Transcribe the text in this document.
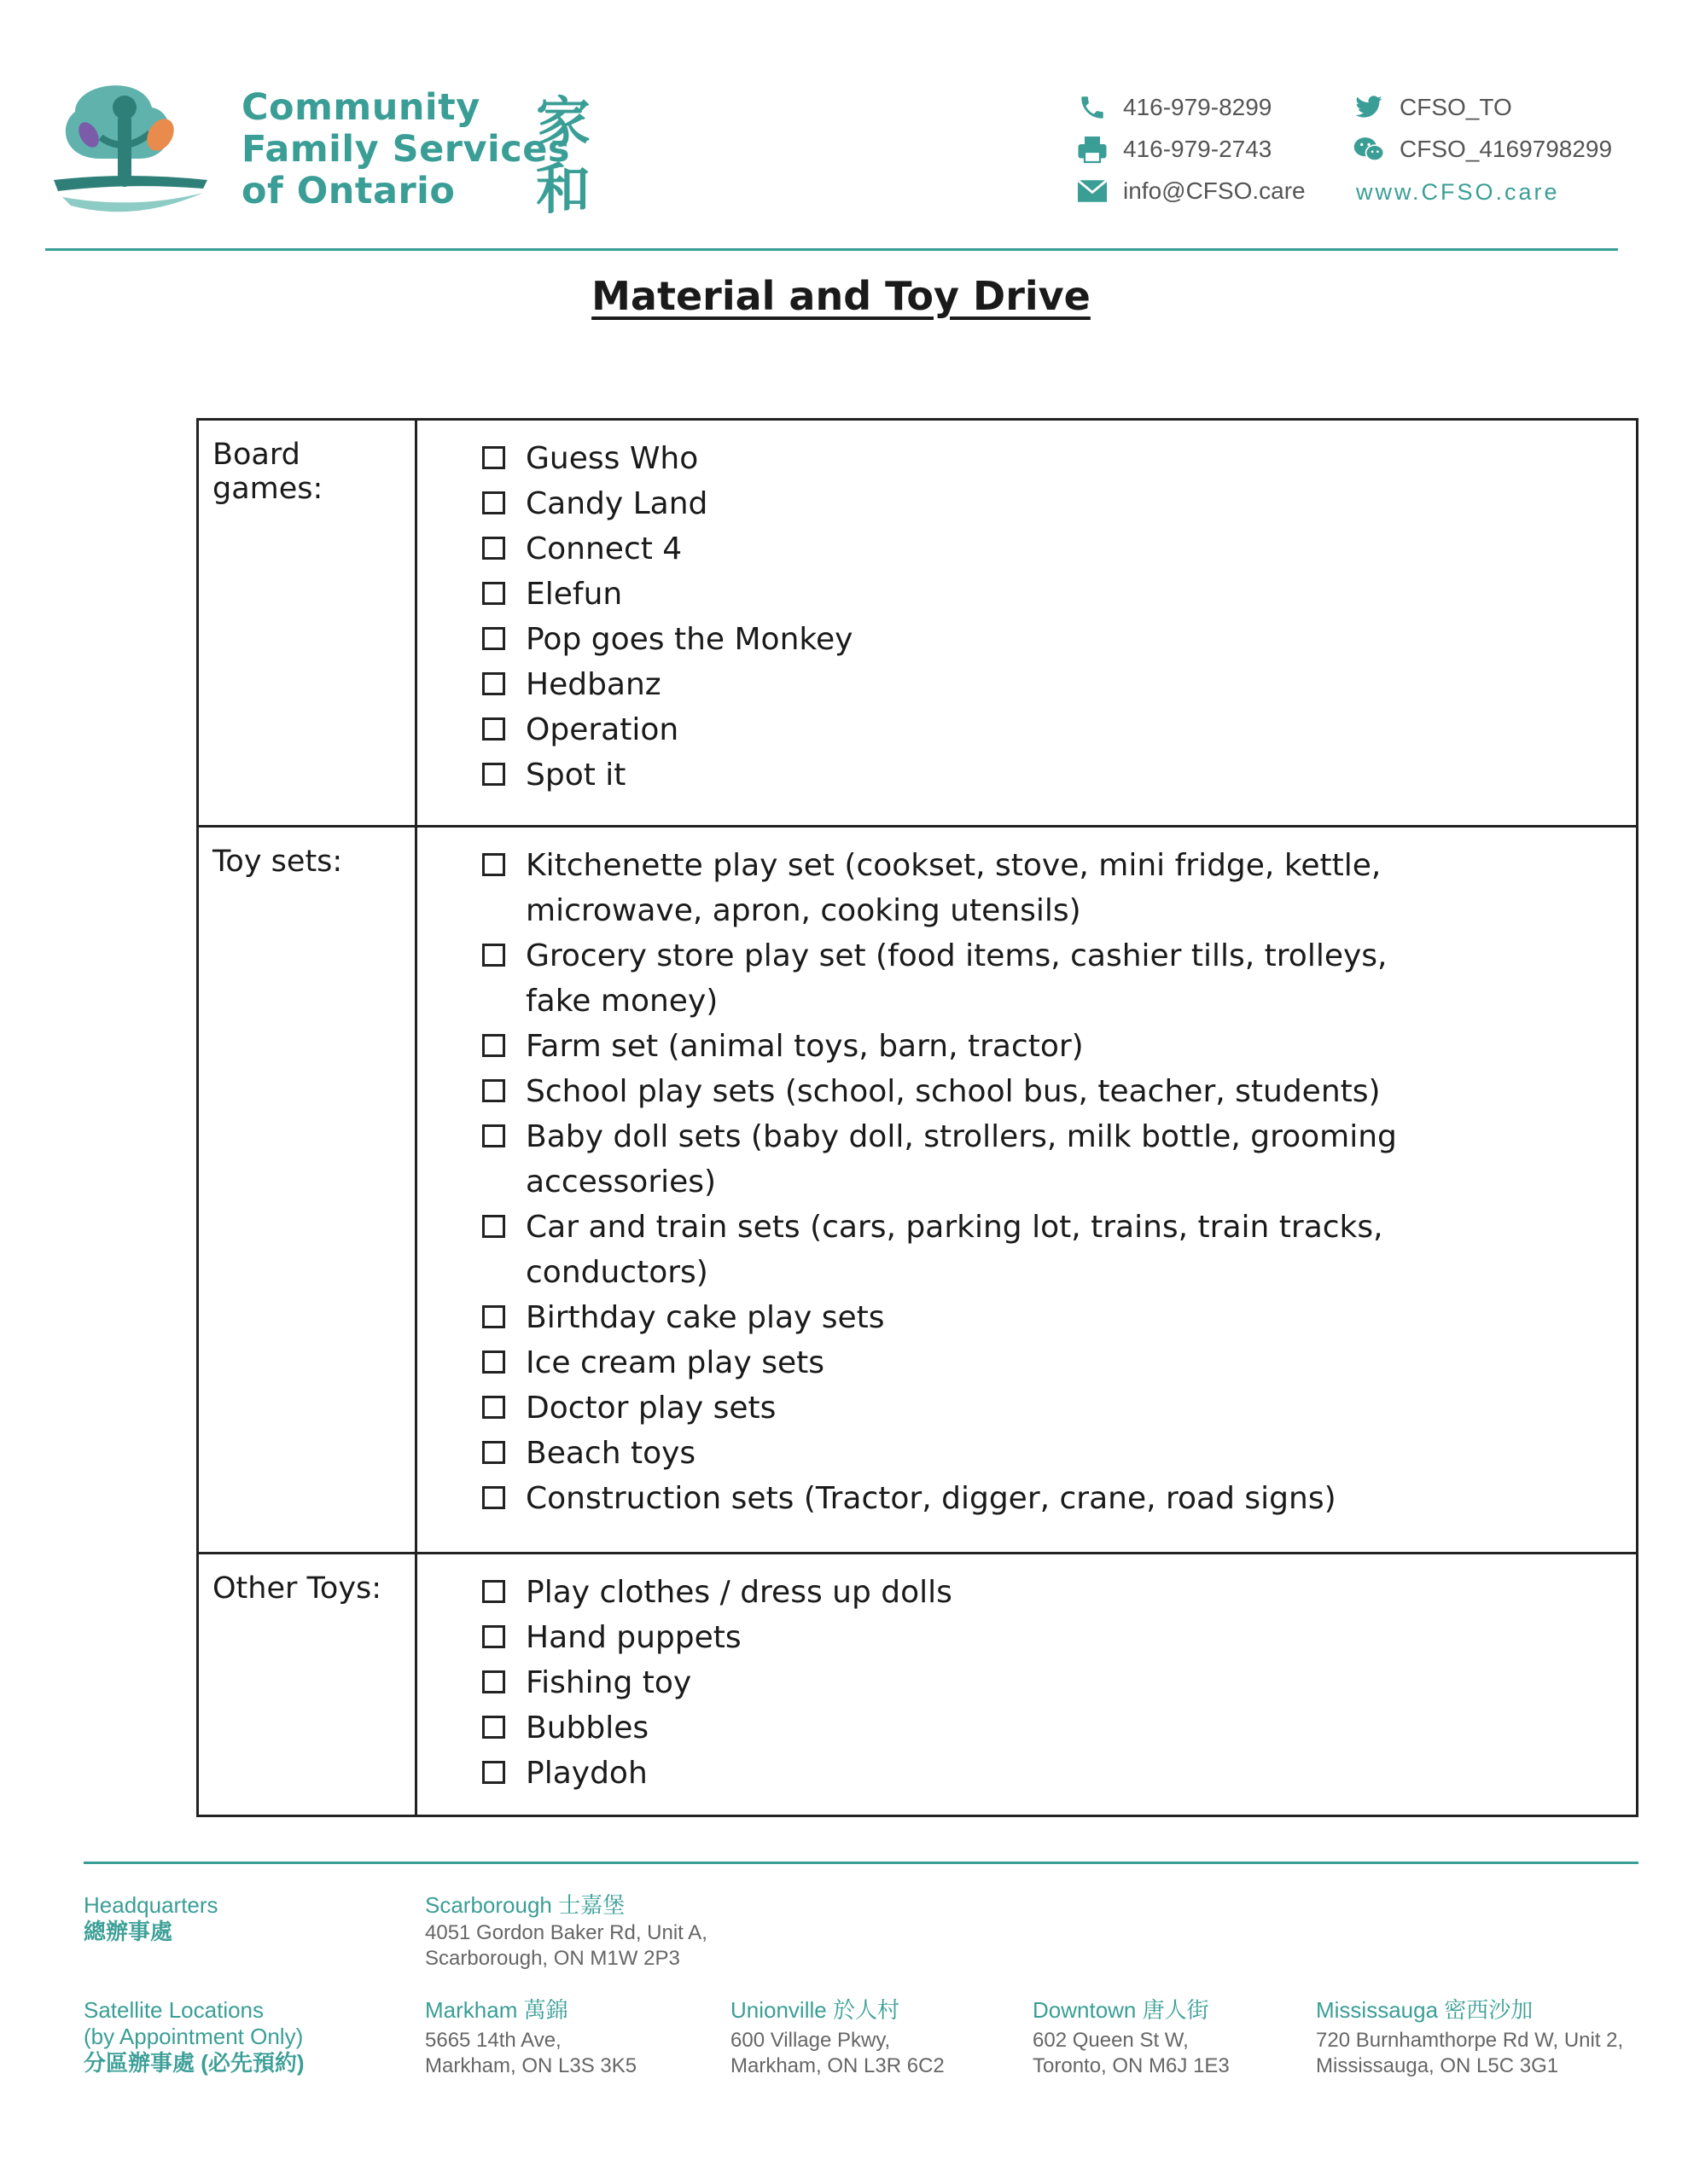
Community
Family Services
of Ontario
家
和
416-979-8299
416-979-2743
info@CFSO.care
CFSO_TO
CFSO_4169798299
www.CFSO.care
Material and Toy Drive
Board games:
Guess Who
Candy Land
Connect 4
Elefun
Pop goes the Monkey
Hedbanz
Operation
Spot it
Toy sets:	Kitchenette play set (cookset, stove, mini fridge, kettle, microwave, apron, cooking utensils)
Grocery store play set (food items, cashier tills, trolleys, fake money)
Farm set (animal toys, barn, tractor)
School play sets (school, school bus, teacher, students)
Baby doll sets (baby doll, strollers, milk bottle, grooming accessories)
Car and train sets (cars, parking lot, trains, train tracks, conductors)
Birthday cake play sets
Ice cream play sets
Doctor play sets
Beach toys
Construction sets (Tractor, digger, crane, road signs)
Other Toys:	Play clothes / dress up dolls
Hand puppets
Fishing toy
Bubbles
Playdoh
Headquarters
總辦事處
Scarborough 士嘉堡
4051 Gordon Baker Rd, Unit A,
Scarborough, ON M1W 2P3
Satellite Locations
(by Appointment Only)
分區辦事處 (必先預約)
Markham 萬錦
5665 14th Ave,
Markham, ON L3S 3K5
Unionville 於人村
600 Village Pkwy,
Markham, ON L3R 6C2
Downtown 唐人街
602 Queen St W,
Toronto, ON M6J 1E3
Mississauga 密西沙加
720 Burnhamthorpe Rd W, Unit 2,
Mississauga, ON L5C 3G1
